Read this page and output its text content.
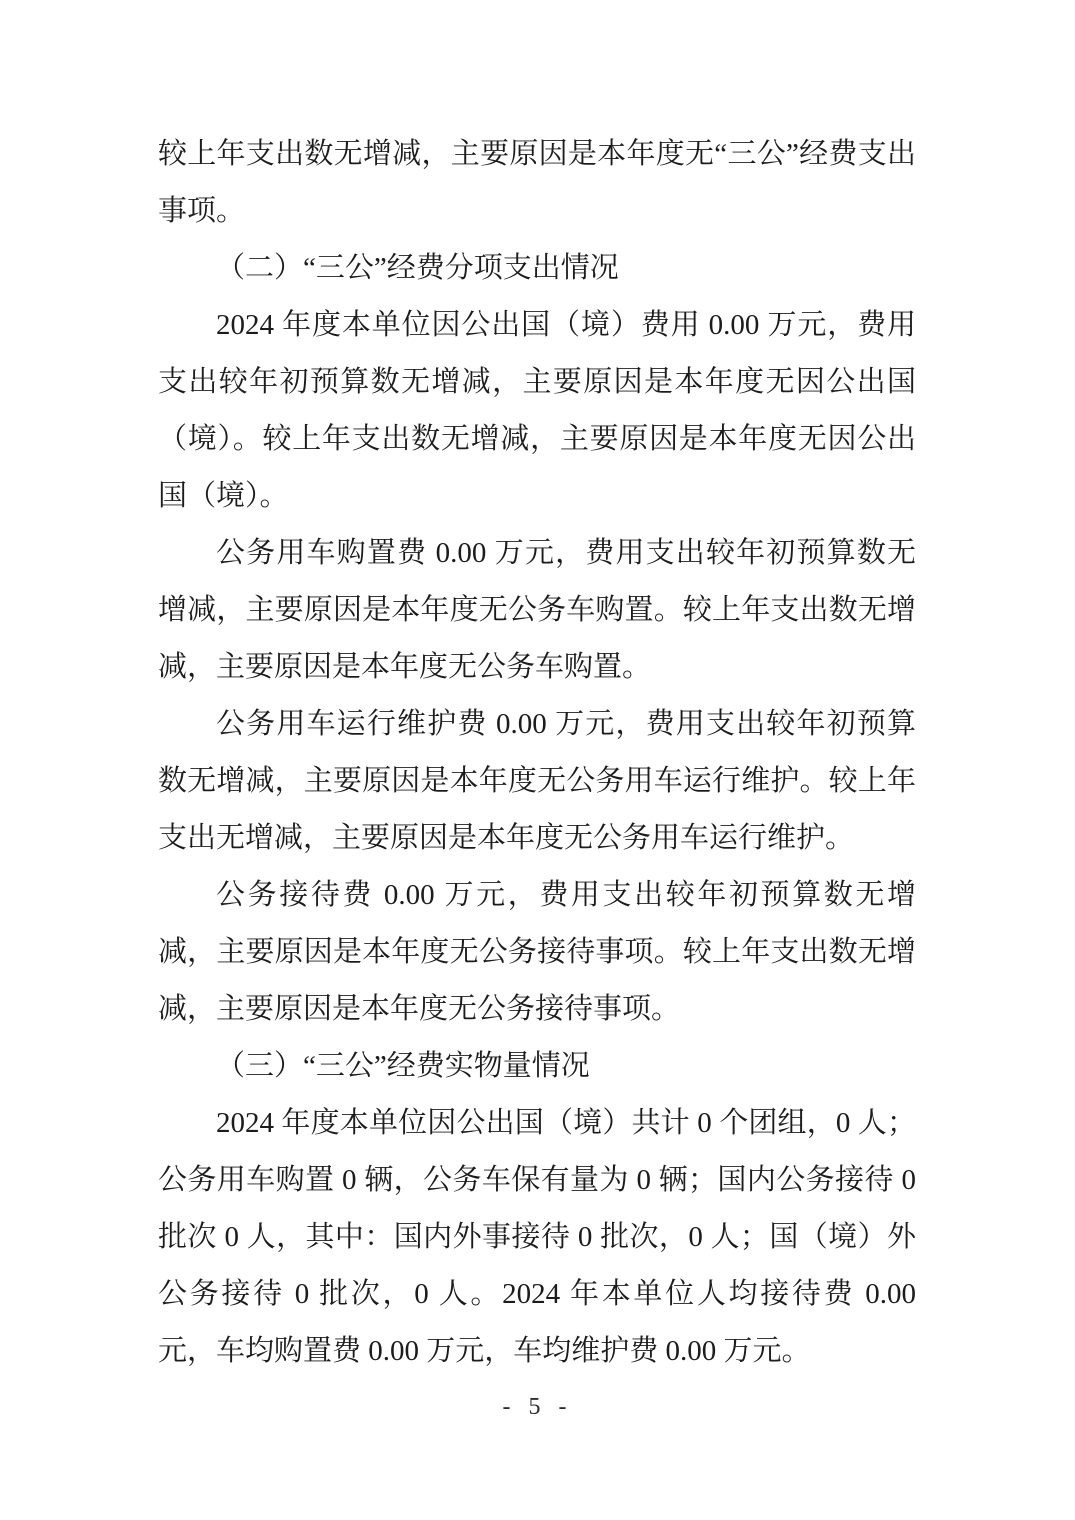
较上年支出数无增减，主要原因是本年度无“三公”经费支出事项。

（二）“三公”经费分项支出情况

2024 年度本单位因公出国（境）费用 0.00 万元，费用支出较年初预算数无增减，主要原因是本年度无因公出国（境）。较上年支出数无增减，主要原因是本年度无因公出国（境）。

公务用车购置费 0.00 万元，费用支出较年初预算数无增减，主要原因是本年度无公务车购置。较上年支出数无增减，主要原因是本年度无公务车购置。

公务用车运行维护费 0.00 万元，费用支出较年初预算数无增减，主要原因是本年度无公务用车运行维护。较上年支出无增减，主要原因是本年度无公务用车运行维护。

公务接待费 0.00 万元，费用支出较年初预算数无增减，主要原因是本年度无公务接待事项。较上年支出数无增减，主要原因是本年度无公务接待事项。

（三）“三公”经费实物量情况

2024 年度本单位因公出国（境）共计 0 个团组，0 人；公务用车购置 0 辆，公务车保有量为 0 辆；国内公务接待 0 批次 0 人，其中：国内外事接待 0 批次，0 人；国（境）外公务接待 0 批次，0 人。2024 年本单位人均接待费 0.00 元，车均购置费 0.00 万元，车均维护费 0.00 万元。

- 5 -
